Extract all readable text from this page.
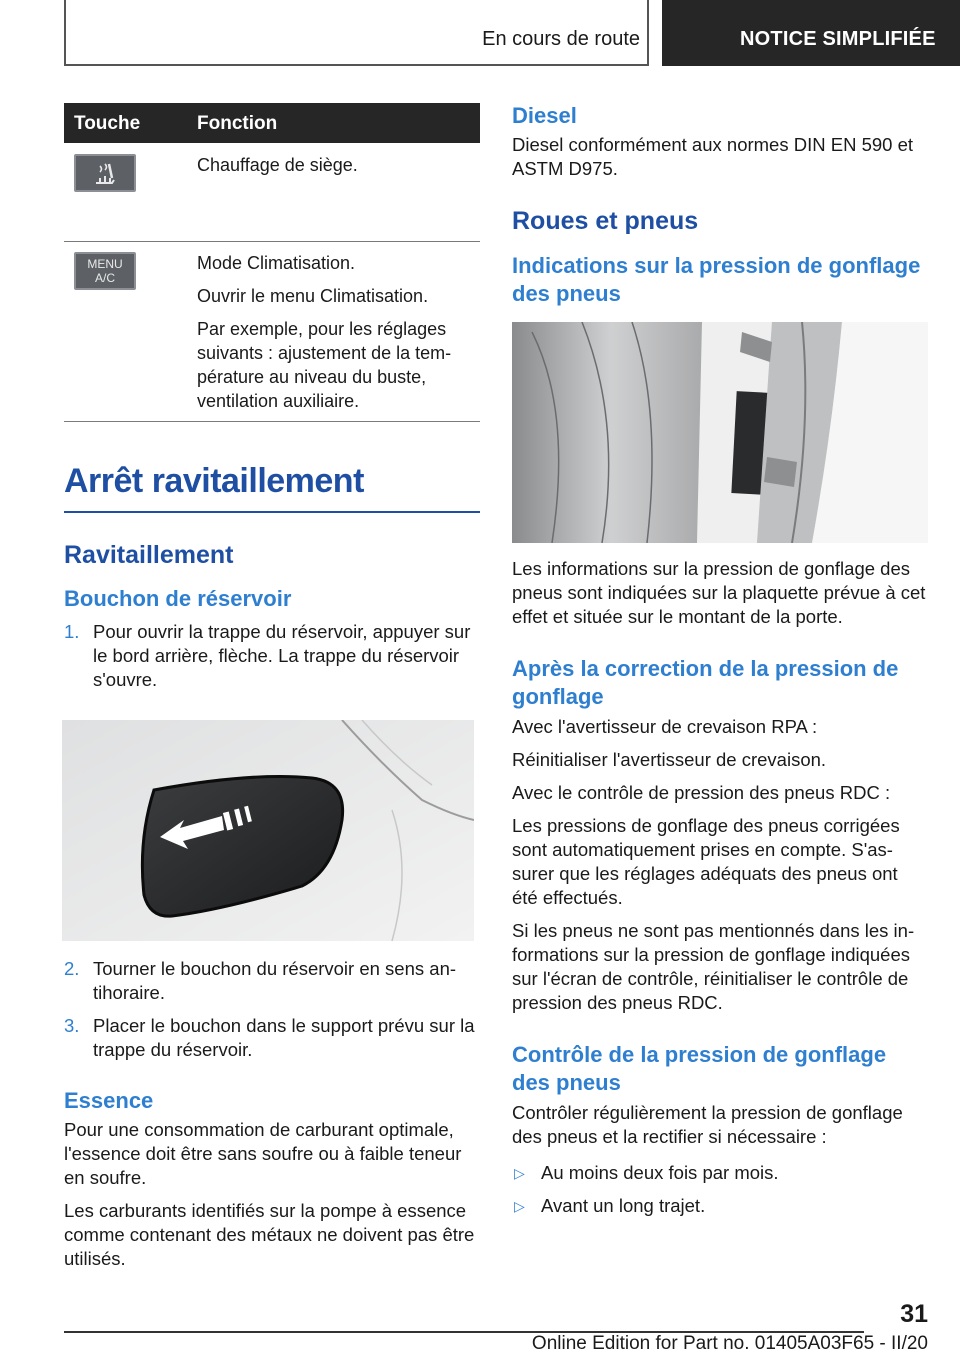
En cours de route	NOTICE SIMPLIFIÉE
Touche	Fonction

Chauffage de siège.

MENU
A/C

Mode Climatisation.

Ouvrir le menu Climatisation.

Par exemple, pour les réglages suivants : ajustement de la température au niveau du buste, ventilation auxiliaire.

Arrêt ravitaillement
Ravitaillement
Bouchon de réservoir
1. Pour ouvrir la trappe du réservoir, appuyer sur le bord arrière, flèche. La trappe du réservoir s'ouvre.
2. Tourner le bouchon du réservoir en sens antihoraire.
3. Placer le bouchon dans le support prévu sur la trappe du réservoir.
Essence
Pour une consommation de carburant optimale, l'essence doit être sans soufre ou à faible teneur en soufre.
Les carburants identifiés sur la pompe à essence comme contenant des métaux ne doivent pas être utilisés.
Diesel
Diesel conformément aux normes DIN EN 590 et ASTM D975.
Roues et pneus
Indications sur la pression de gonflage des pneus
Les informations sur la pression de gonflage des pneus sont indiquées sur la plaquette prévue à cet effet et située sur le montant de la porte.
Après la correction de la pression de gonflage
Avec l'avertisseur de crevaison RPA :
Réinitialiser l'avertisseur de crevaison.
Avec le contrôle de pression des pneus RDC :
Les pressions de gonflage des pneus corrigées sont automatiquement prises en compte. S'assurer que les réglages adéquats des pneus ont été effectués.
Si les pneus ne sont pas mentionnés dans les informations sur la pression de gonflage indiquées sur l'écran de contrôle, réinitialiser le contrôle de pression des pneus RDC.
Contrôle de la pression de gonflage des pneus
Contrôler régulièrement la pression de gonflage des pneus et la rectifier si nécessaire :
▷ Au moins deux fois par mois.
▷ Avant un long trajet.
31
Online Edition for Part no. 01405A03F65 - II/20
